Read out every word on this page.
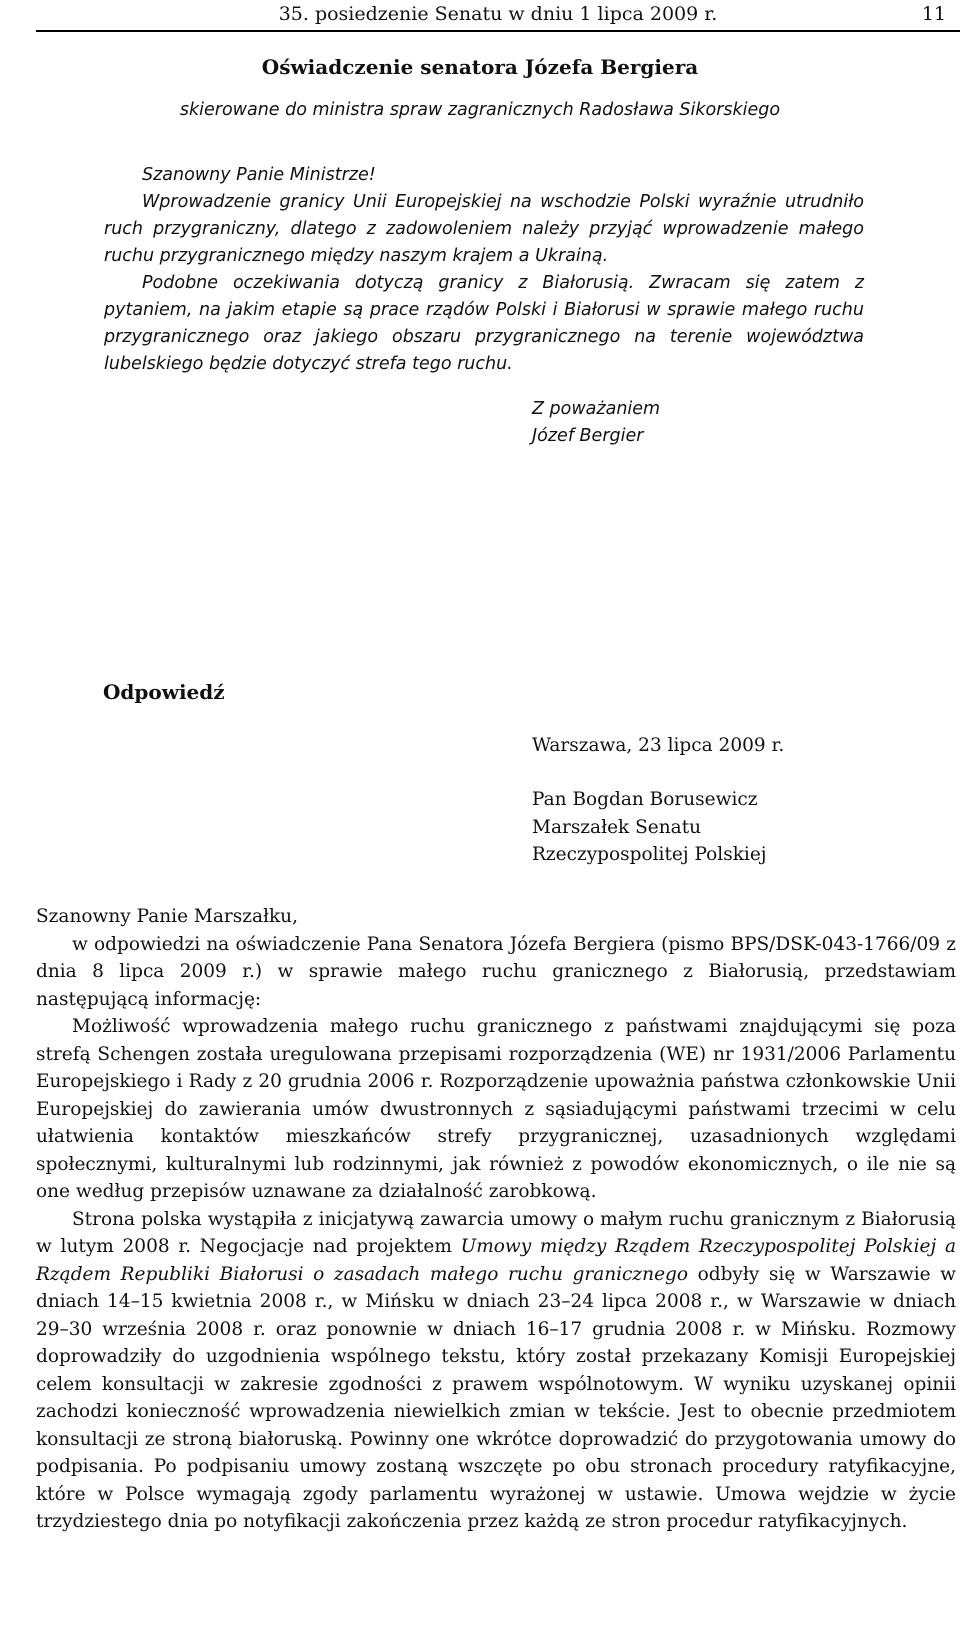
35. posiedzenie Senatu w dniu 1 lipca 2009 r.	11
Oświadczenie senatora Józefa Bergiera
skierowane do ministra spraw zagranicznych Radosława Sikorskiego

Szanowny Panie Ministrze!

Wprowadzenie granicy Unii Europejskiej na wschodzie Polski wyraźnie utrudniło ruch przygraniczny, dlatego z zadowoleniem należy przyjąć wprowadzenie małego ruchu przygranicznego między naszym krajem a Ukrainą.

Podobne oczekiwania dotyczą granicy z Białorusią. Zwracam się zatem z pytaniem, na jakim etapie są prace rządów Polski i Białorusi w sprawie małego ruchu przygranicznego oraz jakiego obszaru przygranicznego na terenie województwa lubelskiego będzie dotyczyć strefa tego ruchu.

Z poważaniem
Józef Bergier
Odpowiedź
Warszawa, 23 lipca 2009 r.
Pan Bogdan Borusewicz
Marszałek Senatu
Rzeczypospolitej Polskiej

Szanowny Panie Marszałku,

w odpowiedzi na oświadczenie Pana Senatora Józefa Bergiera (pismo BPS/DSK-043-1766/09 z dnia 8 lipca 2009 r.) w sprawie małego ruchu granicznego z Białorusią, przedstawiam następującą informację:

Możliwość wprowadzenia małego ruchu granicznego z państwami znajdującymi się poza strefą Schengen została uregulowana przepisami rozporządzenia (WE) nr 1931/2006 Parlamentu Europejskiego i Rady z 20 grudnia 2006 r. Rozporządzenie upoważnia państwa członkowskie Unii Europejskiej do zawierania umów dwustronnych z sąsiadującymi państwami trzecimi w celu ułatwienia kontaktów mieszkańców strefy przygranicznej, uzasadnionych względami społecznymi, kulturalnymi lub rodzinnymi, jak również z powodów ekonomicznych, o ile nie są one według przepisów uznawane za działalność zarobkową.

Strona polska wystąpiła z inicjatywą zawarcia umowy o małym ruchu granicznym z Białorusią w lutym 2008 r. Negocjacje nad projektem Umowy między Rządem Rzeczypospolitej Polskiej a Rządem Republiki Białorusi o zasadach małego ruchu granicznego odbyły się w Warszawie w dniach 14–15 kwietnia 2008 r., w Mińsku w dniach 23–24 lipca 2008 r., w Warszawie w dniach 29–30 września 2008 r. oraz ponownie w dniach 16–17 grudnia 2008 r. w Mińsku. Rozmowy doprowadziły do uzgodnienia wspólnego tekstu, który został przekazany Komisji Europejskiej celem konsultacji w zakresie zgodności z prawem wspólnotowym. W wyniku uzyskanej opinii zachodzi konieczność wprowadzenia niewielkich zmian w tekście. Jest to obecnie przedmiotem konsultacji ze stroną białoruską. Powinny one wkrótce doprowadzić do przygotowania umowy do podpisania. Po podpisaniu umowy zostaną wszczęte po obu stronach procedury ratyfikacyjne, które w Polsce wymagają zgody parlamentu wyrażonej w ustawie. Umowa wejdzie w życie trzydziestego dnia po notyfikacji zakończenia przez każdą ze stron procedur ratyfikacyjnych.
